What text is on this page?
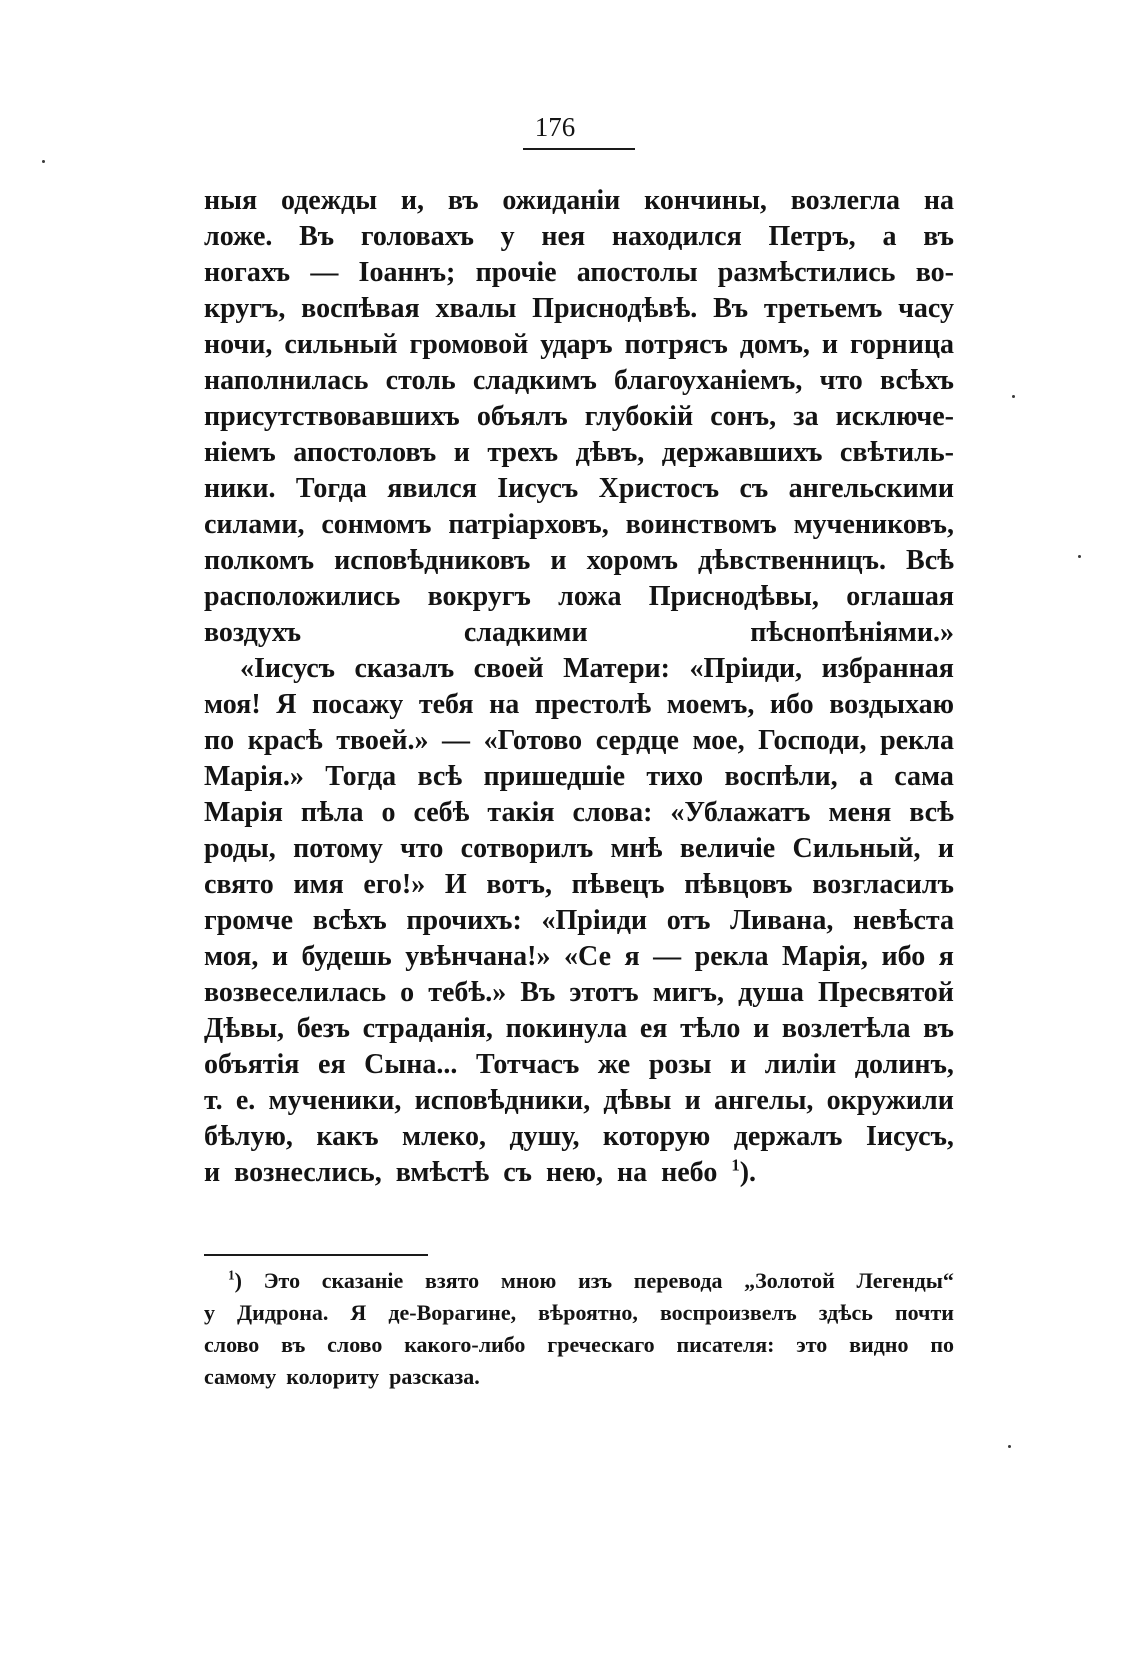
176
ныя одежды и, въ ожиданіи кончины, возлегла на
ложе. Въ головахъ у нея находился Петръ, а въ
ногахъ — Іоаннъ; прочіе апостолы размѣстились во-
кругъ, воспѣвая хвалы Приснодѣвѣ. Въ третьемъ часу
ночи, сильный громовой ударъ потрясъ домъ, и горница
наполнилась столь сладкимъ благоуханіемъ, что всѣхъ
присутствовавшихъ объялъ глубокій сонъ, за исключе-
ніемъ апостоловъ и трехъ дѣвъ, державшихъ свѣтиль-
ники. Тогда явился Іисусъ Христосъ съ ангельскими
силами, сонмомъ патріарховъ, воинствомъ мучениковъ,
полкомъ исповѣдниковъ и хоромъ дѣвственницъ. Всѣ
расположились вокругъ ложа Приснодѣвы, оглашая
воздухъ	сладкими	пѣснопѣніями.»
«Іисусъ сказалъ своей Матери: «Пріиди, избранная
моя! Я посажу тебя на престолѣ моемъ, ибо воздыхаю
по красѣ твоей.» — «Готово сердце мое, Господи, рекла
Марія.» Тогда всѣ пришедшіе тихо воспѣли, а сама
Марія пѣла о себѣ такія слова: «Ублажатъ меня всѣ
роды, потому что сотворилъ мнѣ величіе Сильный, и
свято имя его!» И вотъ, пѣвецъ пѣвцовъ возгласилъ
громче всѣхъ прочихъ: «Пріиди отъ Ливана, невѣста
моя, и будешь увѣнчана!» «Се я — рекла Марія, ибо я
возвеселилась о тебѣ.» Въ этотъ мигъ, душа Пресвятой
Дѣвы, безъ страданія, покинула ея тѣло и возлетѣла въ
объятія ея Сына... Тотчасъ же розы и лиліи долинъ,
т. е. мученики, исповѣдники, дѣвы и ангелы, окружили
бѣлую, какъ млеко, душу, которую держалъ Іисусъ,
и вознеслись, вмѣстѣ съ нею, на небо $^1$).
$^1$) Это сказаніе взято мною изъ перевода „Золотой Легенды“
у Дидрона. Я де-Ворагине, вѣроятно, воспроизвелъ здѣсь почти
слово въ слово какого-либо греческаго писателя: это видно по
самому колориту разсказа.
